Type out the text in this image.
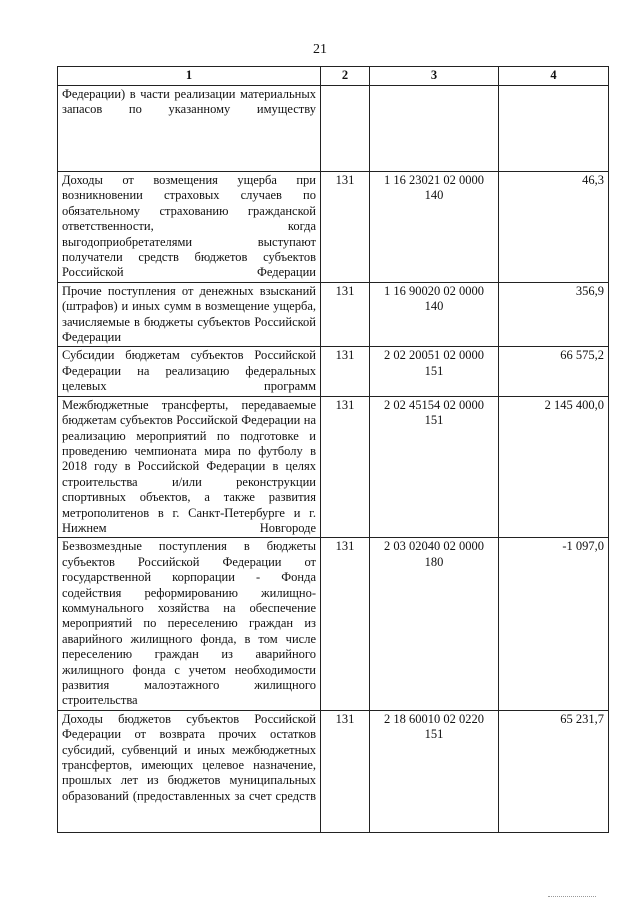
21
1	2	3	4
Федерации) в части реализации материальных запасов по указанному имуществу			
Доходы от возмещения ущерба при возникновении страховых случаев по обязательному страхованию гражданской ответственности, когда выгодоприобретателями выступают получатели средств бюджетов субъектов Российской Федерации	131	1 16 23021 02 0000 140	46,3
Прочие поступления от денежных взысканий (штрафов) и иных сумм в возмещение ущерба, зачисляемые в бюджеты субъектов Российской Федерации	131	1 16 90020 02 0000 140	356,9
Субсидии бюджетам субъектов Российской Федерации на реализацию федеральных целевых программ	131	2 02 20051 02 0000 151	66 575,2
Межбюджетные трансферты, передаваемые бюджетам субъектов Российской Федерации на реализацию мероприятий по подготовке и проведению чемпионата мира по футболу в 2018 году в Российской Федерации в целях строительства и/или реконструкции спортивных объектов, а также развития метрополитенов в г. Санкт-Петербурге и г. Нижнем Новгороде	131	2 02 45154 02 0000 151	2 145 400,0
Безвозмездные поступления в бюджеты субъектов Российской Федерации от государственной корпорации - Фонда содействия реформированию жилищно-коммунального хозяйства на обеспечение мероприятий по переселению граждан из аварийного жилищного фонда, в том числе переселению граждан из аварийного жилищного фонда с учетом необходимости развития малоэтажного жилищного строительства	131	2 03 02040 02 0000 180	-1 097,0
Доходы бюджетов субъектов Российской Федерации от возврата прочих остатков субсидий, субвенций и иных межбюджетных трансфертов, имеющих целевое назначение, прошлых лет из бюджетов муниципальных образований (предоставленных за счет средств	131	2 18 60010 02 0220 151	65 231,7
